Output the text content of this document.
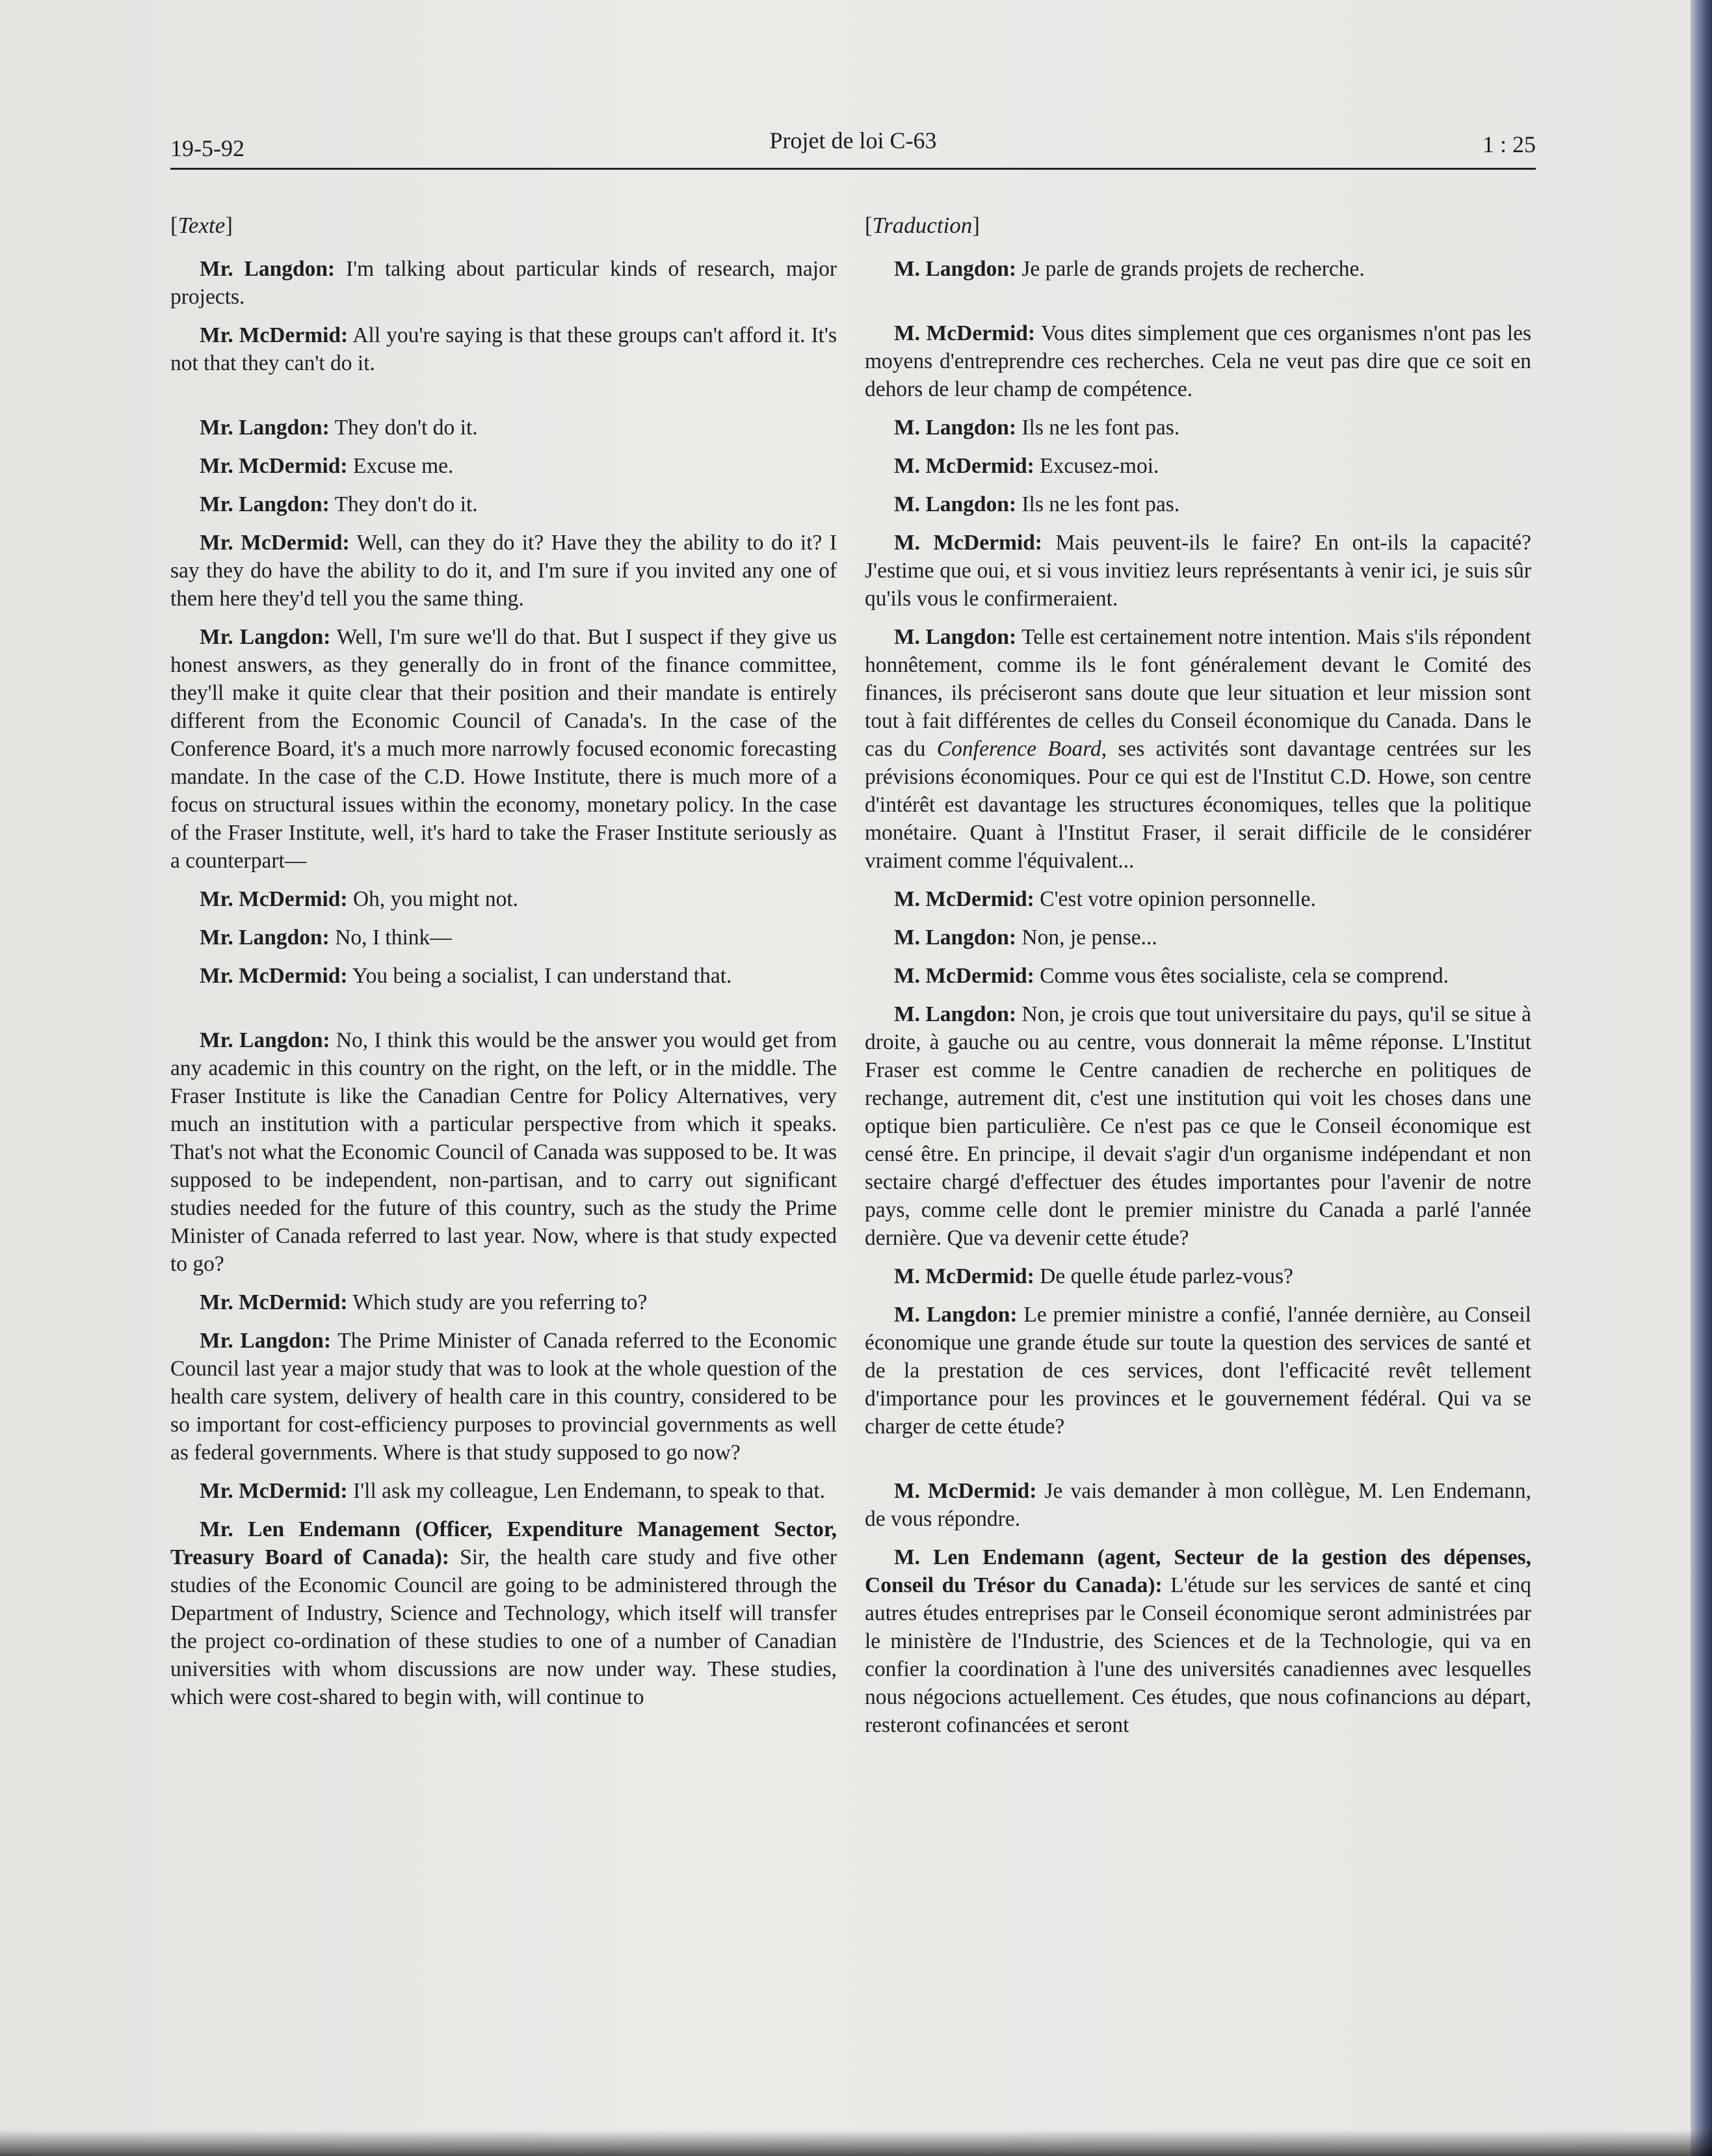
19-5-92	Projet de loi C-63	1 : 25
[Texte]

Mr. Langdon: I'm talking about particular kinds of research, major projects.

Mr. McDermid: All you're saying is that these groups can't afford it. It's not that they can't do it.

Mr. Langdon: They don't do it.

Mr. McDermid: Excuse me.

Mr. Langdon: They don't do it.

Mr. McDermid: Well, can they do it? Have they the ability to do it? I say they do have the ability to do it, and I'm sure if you invited any one of them here they'd tell you the same thing.

Mr. Langdon: Well, I'm sure we'll do that. But I suspect if they give us honest answers, as they generally do in front of the finance committee, they'll make it quite clear that their position and their mandate is entirely different from the Economic Council of Canada's. In the case of the Conference Board, it's a much more narrowly focused economic forecasting mandate. In the case of the C.D. Howe Institute, there is much more of a focus on structural issues within the economy, monetary policy. In the case of the Fraser Institute, well, it's hard to take the Fraser Institute seriously as a counterpart—

Mr. McDermid: Oh, you might not.

Mr. Langdon: No, I think—

Mr. McDermid: You being a socialist, I can understand that.

Mr. Langdon: No, I think this would be the answer you would get from any academic in this country on the right, on the left, or in the middle. The Fraser Institute is like the Canadian Centre for Policy Alternatives, very much an institution with a particular perspective from which it speaks. That's not what the Economic Council of Canada was supposed to be. It was supposed to be independent, non-partisan, and to carry out significant studies needed for the future of this country, such as the study the Prime Minister of Canada referred to last year. Now, where is that study expected to go?

Mr. McDermid: Which study are you referring to?

Mr. Langdon: The Prime Minister of Canada referred to the Economic Council last year a major study that was to look at the whole question of the health care system, delivery of health care in this country, considered to be so important for cost-efficiency purposes to provincial governments as well as federal governments. Where is that study supposed to go now?

Mr. McDermid: I'll ask my colleague, Len Endemann, to speak to that.

Mr. Len Endemann (Officer, Expenditure Management Sector, Treasury Board of Canada): Sir, the health care study and five other studies of the Economic Council are going to be administered through the Department of Industry, Science and Technology, which itself will transfer the project co-ordination of these studies to one of a number of Canadian universities with whom discussions are now under way. These studies, which were cost-shared to begin with, will continue to

[Traduction]

M. Langdon: Je parle de grands projets de recherche.

M. McDermid: Vous dites simplement que ces organismes n'ont pas les moyens d'entreprendre ces recherches. Cela ne veut pas dire que ce soit en dehors de leur champ de compétence.

M. Langdon: Ils ne les font pas.

M. McDermid: Excusez-moi.

M. Langdon: Ils ne les font pas.

M. McDermid: Mais peuvent-ils le faire? En ont-ils la capacité? J'estime que oui, et si vous invitiez leurs représentants à venir ici, je suis sûr qu'ils vous le confirmeraient.

M. Langdon: Telle est certainement notre intention. Mais s'ils répondent honnêtement, comme ils le font généralement devant le Comité des finances, ils préciseront sans doute que leur situation et leur mission sont tout à fait différentes de celles du Conseil économique du Canada. Dans le cas du Conference Board, ses activités sont davantage centrées sur les prévisions économiques. Pour ce qui est de l'Institut C.D. Howe, son centre d'intérêt est davantage les structures économiques, telles que la politique monétaire. Quant à l'Institut Fraser, il serait difficile de le considérer vraiment comme l'équivalent...

M. McDermid: C'est votre opinion personnelle.

M. Langdon: Non, je pense...

M. McDermid: Comme vous êtes socialiste, cela se comprend.

M. Langdon: Non, je crois que tout universitaire du pays, qu'il se situe à droite, à gauche ou au centre, vous donnerait la même réponse. L'Institut Fraser est comme le Centre canadien de recherche en politiques de rechange, autrement dit, c'est une institution qui voit les choses dans une optique bien particulière. Ce n'est pas ce que le Conseil économique est censé être. En principe, il devait s'agir d'un organisme indépendant et non sectaire chargé d'effectuer des études importantes pour l'avenir de notre pays, comme celle dont le premier ministre du Canada a parlé l'année dernière. Que va devenir cette étude?

M. McDermid: De quelle étude parlez-vous?

M. Langdon: Le premier ministre a confié, l'année dernière, au Conseil économique une grande étude sur toute la question des services de santé et de la prestation de ces services, dont l'efficacité revêt tellement d'importance pour les provinces et le gouvernement fédéral. Qui va se charger de cette étude?

M. McDermid: Je vais demander à mon collègue, M. Len Endemann, de vous répondre.

M. Len Endemann (agent, Secteur de la gestion des dépenses, Conseil du Trésor du Canada): L'étude sur les services de santé et cinq autres études entreprises par le Conseil économique seront administrées par le ministère de l'Industrie, des Sciences et de la Technologie, qui va en confier la coordination à l'une des universités canadiennes avec lesquelles nous négocions actuellement. Ces études, que nous cofinancions au départ, resteront cofinancées et seront
